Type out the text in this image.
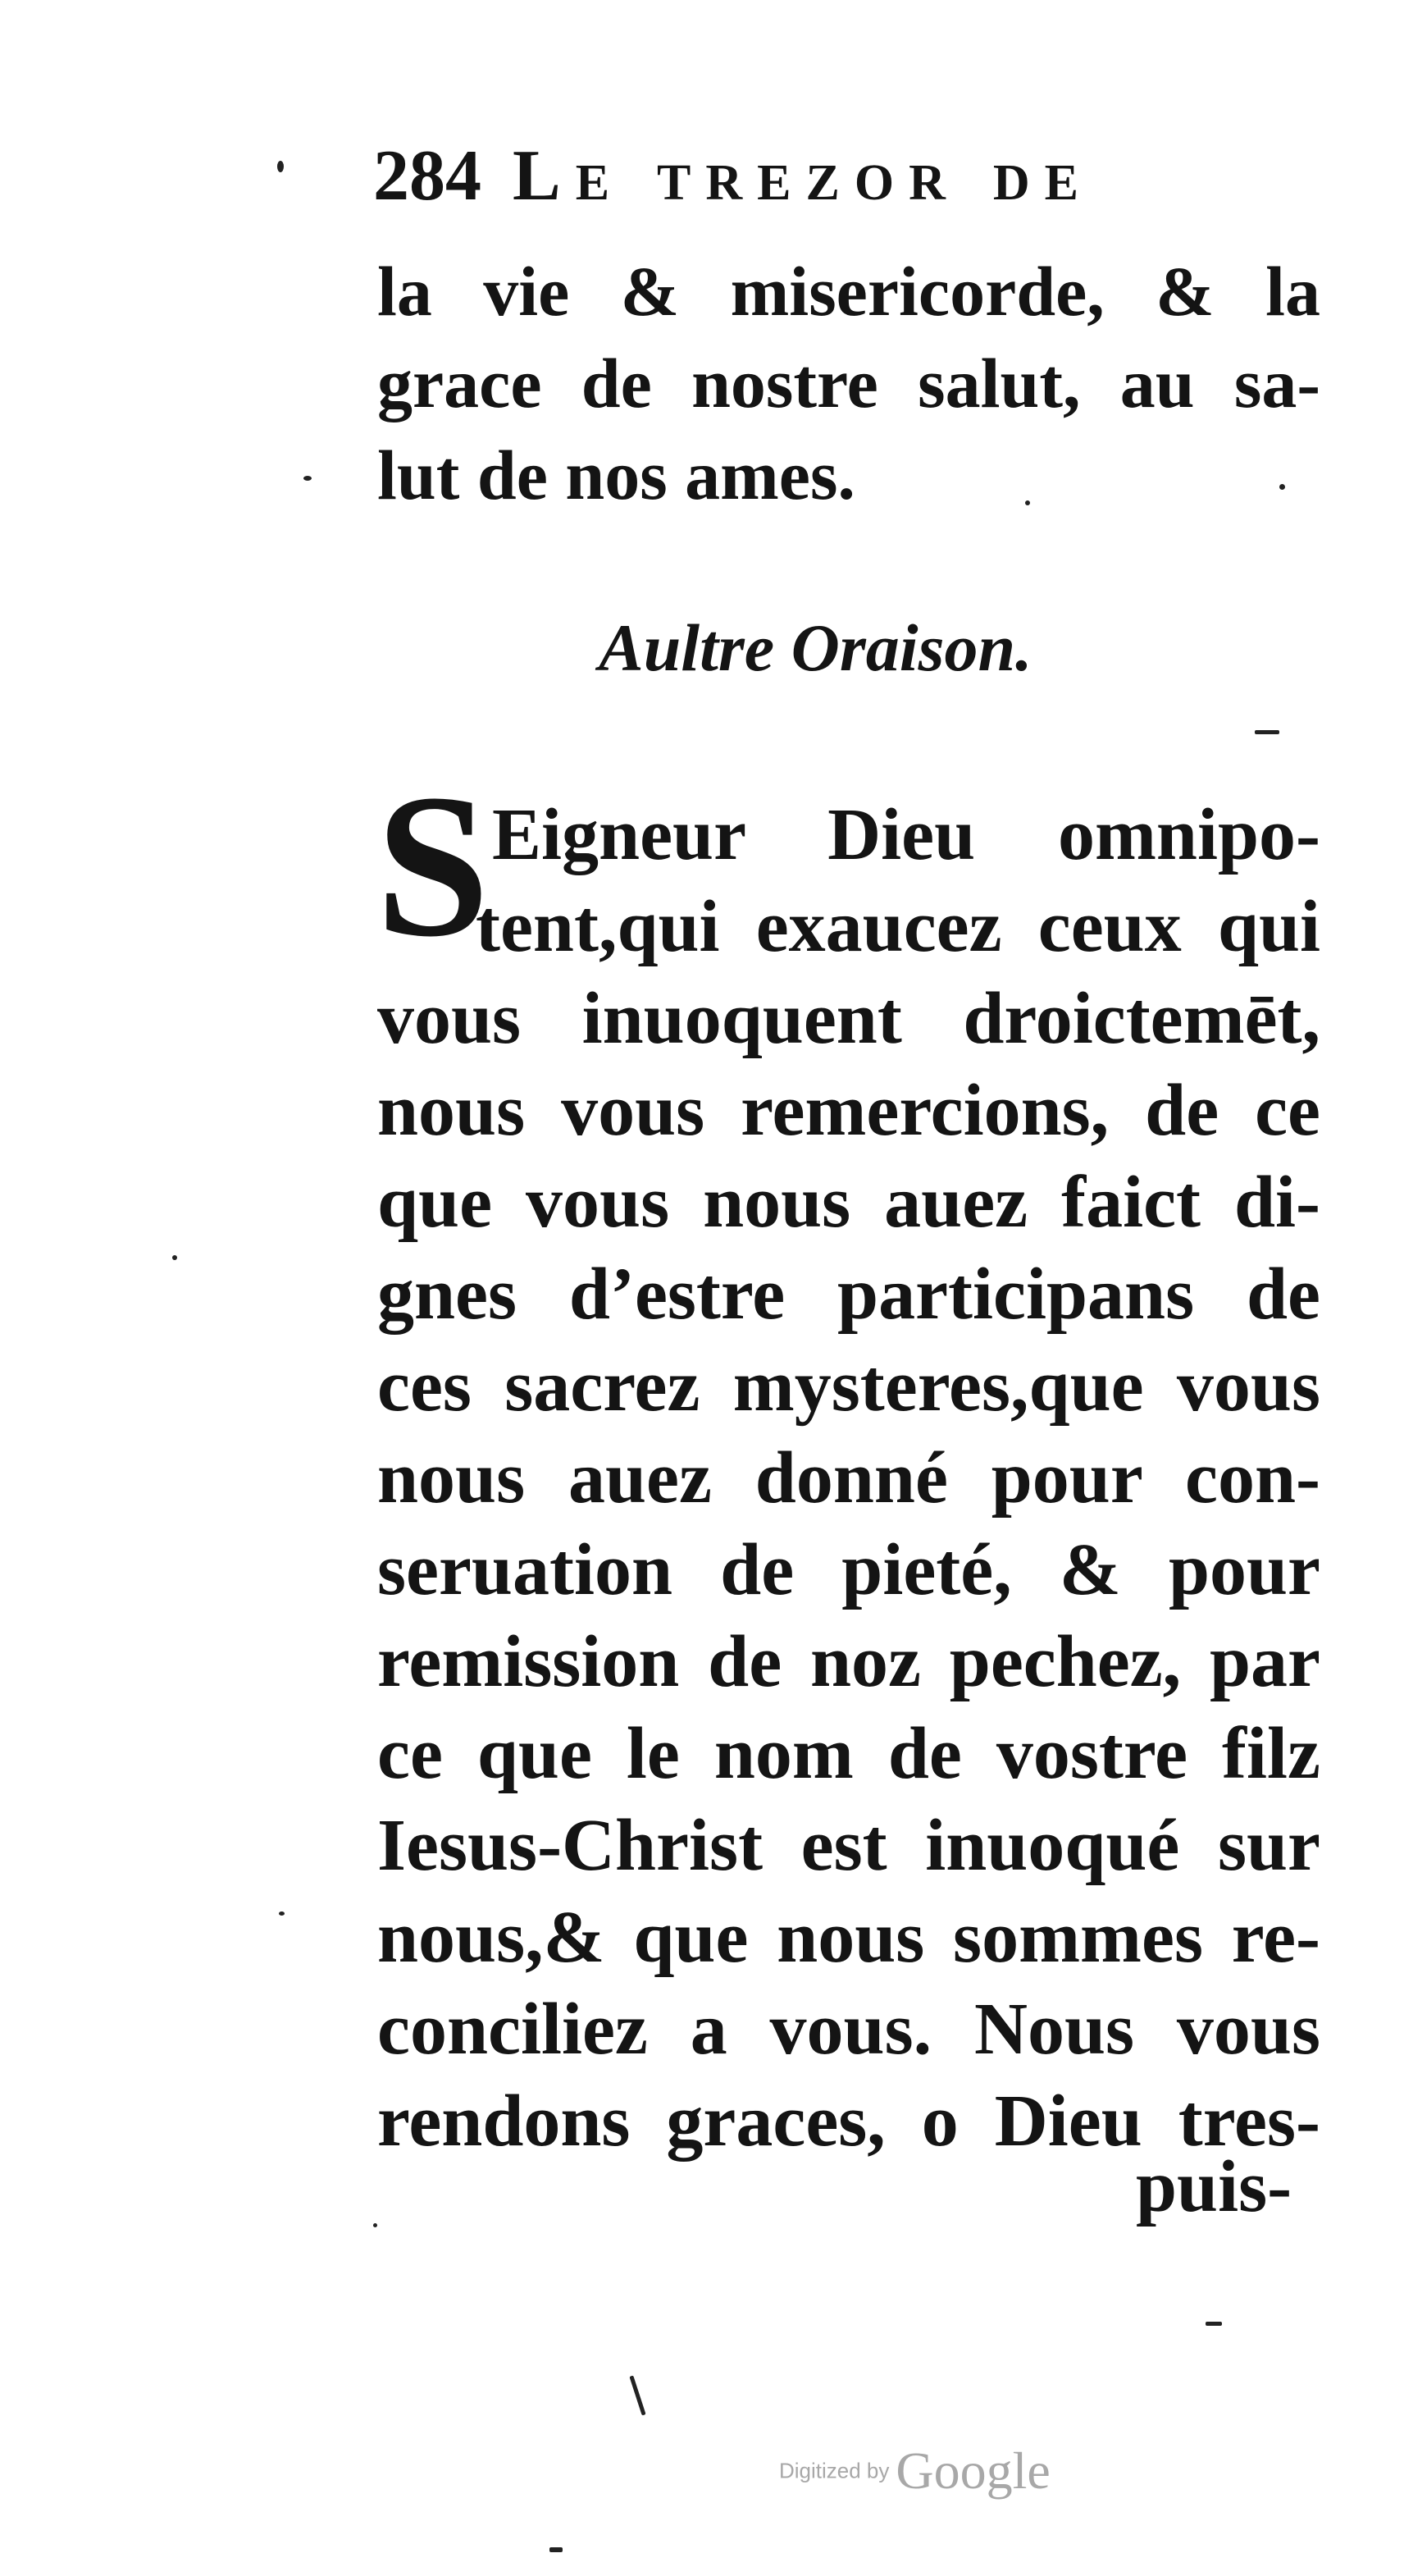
284 Le trezor de
la vie & misericorde, & la
grace de nostre salut, au sa-
lut de nos ames.
Aultre Oraison.
S Eigneur Dieu omnipo-
tent,qui exaucez ceux qui
vous inuoquent droictemēt,
nous vous remercions, de ce
que vous nous auez faict di-
gnes d’estre participans de
ces sacrez mysteres,que vous
nous auez donné pour con-
seruation de pieté, & pour
remission de noz pechez, par
ce que le nom de vostre filz
Iesus-Christ est inuoqué sur
nous,& que nous sommes re-
conciliez a vous. Nous vous
rendons graces, o Dieu tres-
puis-
Digitized by Google
